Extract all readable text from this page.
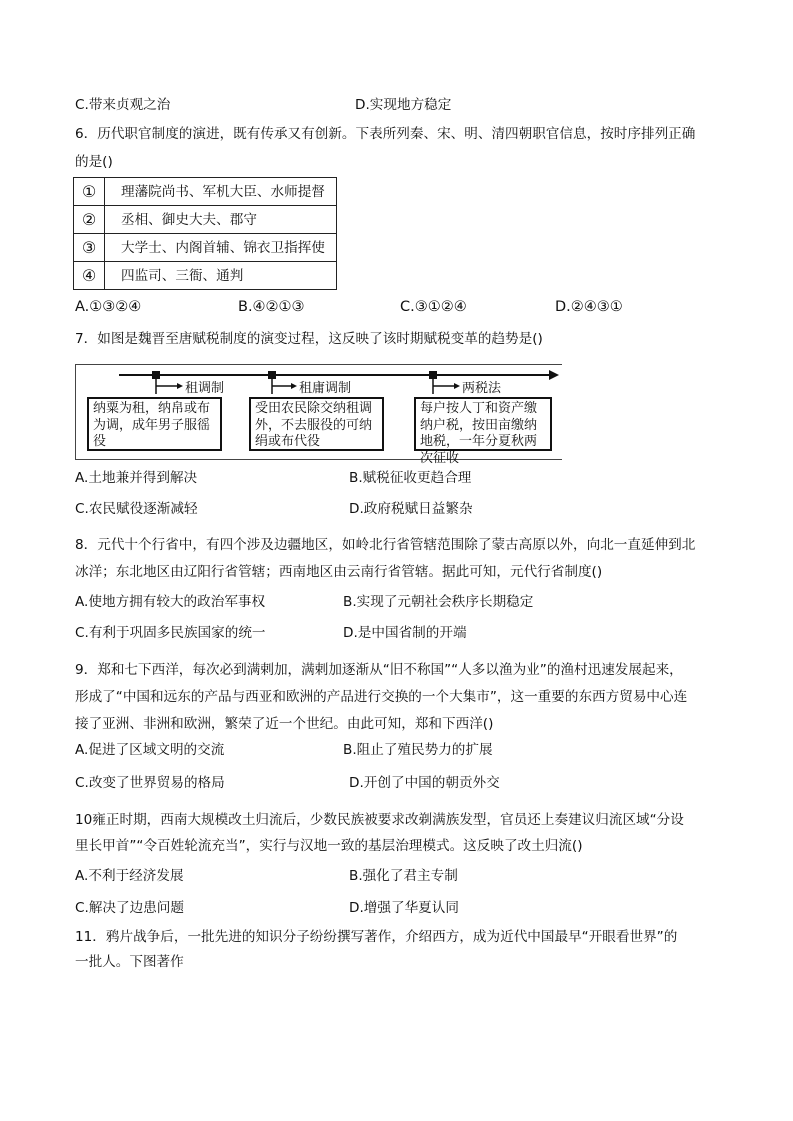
C.带来贞观之治	D.实现地方稳定
6．历代职官制度的演进，既有传承又有创新。下表所列秦、宋、明、清四朝职官信息，按时序排列正确
的是()
①	理藩院尚书、军机大臣、水师提督
②	丞相、御史大夫、郡守
③	大学士、内阁首辅、锦衣卫指挥使
④	四监司、三衙、通判
A.①③②④	B.④②①③	C.③①②④	D.②④③①
7．如图是魏晋至唐赋税制度的演变过程，这反映了该时期赋税变革的趋势是()
租调制	租庸调制	两税法
纳粟为租，纳帛或布为调，成年男子服徭役
受田农民除交纳租调外，不去服役的可纳绢或布代役
每户按人丁和资产缴纳户税，按田亩缴纳地税，一年分夏秋两次征收
A.土地兼并得到解决	B.赋税征收更趋合理
C.农民赋役逐渐减轻	D.政府税赋日益繁杂
8．元代十个行省中，有四个涉及边疆地区，如岭北行省管辖范围除了蒙古高原以外，向北一直延伸到北
冰洋；东北地区由辽阳行省管辖；西南地区由云南行省管辖。据此可知，元代行省制度()
A.使地方拥有较大的政治军事权	B.实现了元朝社会秩序长期稳定
C.有利于巩固多民族国家的统一	D.是中国省制的开端
9．郑和七下西洋，每次必到满剌加，满剌加逐渐从“旧不称国”“人多以渔为业”的渔村迅速发展起来，
形成了“中国和远东的产品与西亚和欧洲的产品进行交换的一个大集市”，这一重要的东西方贸易中心连
接了亚洲、非洲和欧洲，繁荣了近一个世纪。由此可知，郑和下西洋()
A.促进了区域文明的交流	B.阻止了殖民势力的扩展
C.改变了世界贸易的格局	D.开创了中国的朝贡外交
10雍正时期，西南大规模改土归流后，少数民族被要求改剃满族发型，官员还上奏建议归流区域“分设
里长甲首”“令百姓轮流充当”，实行与汉地一致的基层治理模式。这反映了改土归流()
A.不利于经济发展	B.强化了君主专制
C.解决了边患问题	D.增强了华夏认同
11．鸦片战争后，一批先进的知识分子纷纷撰写著作，介绍西方，成为近代中国最早“开眼看世界”的
一批人。下图著作
